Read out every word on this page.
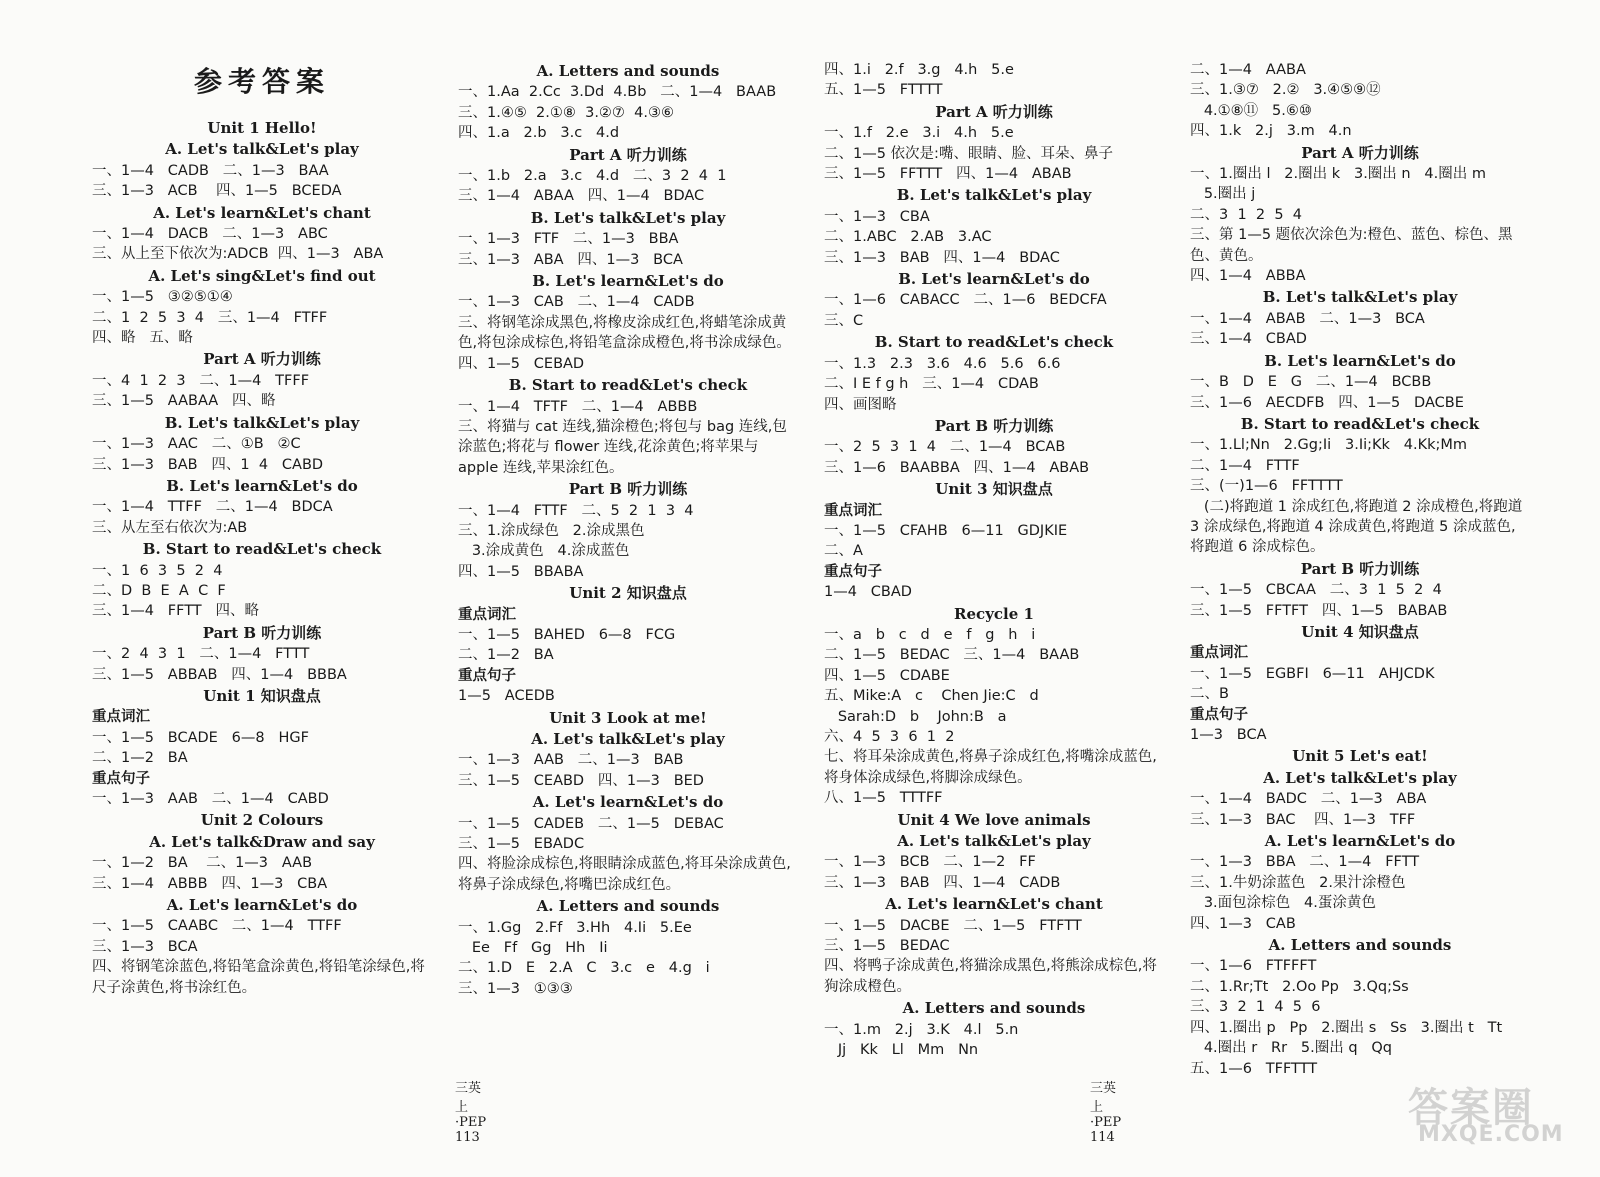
参考答案
Unit 1 Hello!
A. Let's talk&Let's play
一、1—4   CADB   二、1—3   BAA
三、1—3   ACB    四、1—5   BCEDA
A. Let's learn&Let's chant
一、1—4   DACB   二、1—3   ABC
三、从上至下依次为:ADCB  四、1—3   ABA
A. Let's sing&Let's find out
一、1—5   ③②⑤①④
二、1  2  5  3  4   三、1—4   FTFF
四、略   五、略
Part A 听力训练
一、4  1  2  3   二、1—4   TFFF
三、1—5   AABAA   四、略
B. Let's talk&Let's play
一、1—3   AAC   二、①B   ②C
三、1—3   BAB   四、1  4   CABD
B. Let's learn&Let's do
一、1—4   TTFF   二、1—4   BDCA
三、从左至右依次为:AB
B. Start to read&Let's check
一、1  6  3  5  2  4
二、D  B  E  A  C  F
三、1—4   FFTT   四、略
Part B 听力训练
一、2  4  3  1   二、1—4   FTTT
三、1—5   ABBAB   四、1—4   BBBA
Unit 1 知识盘点
重点词汇
一、1—5   BCADE   6—8   HGF
二、1—2   BA
重点句子
一、1—3   AAB   二、1—4   CABD
Unit 2 Colours
A. Let's talk&Draw and say
一、1—2   BA    二、1—3   AAB
三、1—4   ABBB   四、1—3   CBA
A. Let's learn&Let's do
一、1—5   CAABC   二、1—4   TTFF
三、1—3   BCA
四、将钢笔涂蓝色,将铅笔盒涂黄色,将铅笔涂绿色,将尺子涂黄色,将书涂红色。
A. Letters and sounds
一、1.Aa  2.Cc  3.Dd  4.Bb   二、1—4   BAAB
三、1.④⑤  2.①⑧  3.②⑦  4.③⑥
四、1.a   2.b   3.c   4.d
Part A 听力训练
一、1.b   2.a   3.c   4.d   二、3  2  4  1
三、1—4   ABAA   四、1—4   BDAC
B. Let's talk&Let's play
一、1—3   FTF   二、1—3   BBA
三、1—3   ABA   四、1—3   BCA
B. Let's learn&Let's do
一、1—3   CAB   二、1—4   CADB
三、将钢笔涂成黑色,将橡皮涂成红色,将蜡笔涂成黄色,将包涂成棕色,将铅笔盒涂成橙色,将书涂成绿色。
四、1—5   CEBAD
B. Start to read&Let's check
一、1—4   TFTF   二、1—4   ABBB
三、将猫与 cat 连线,猫涂橙色;将包与 bag 连线,包涂蓝色;将花与 flower 连线,花涂黄色;将苹果与 apple 连线,苹果涂红色。
Part B 听力训练
一、1—4   FTTF   二、5  2  1  3  4
三、1.涂成绿色   2.涂成黑色
3.涂成黄色   4.涂成蓝色
四、1—5   BBABA
Unit 2 知识盘点
重点词汇
一、1—5   BAHED   6—8   FCG
二、1—2   BA
重点句子
1—5   ACEDB
Unit 3 Look at me!
A. Let's talk&Let's play
一、1—3   AAB   二、1—3   BAB
三、1—5   CEABD   四、1—3   BED
A. Let's learn&Let's do
一、1—5   CADEB   二、1—5   DEBAC
三、1—5   EBADC
四、将脸涂成棕色,将眼睛涂成蓝色,将耳朵涂成黄色,将鼻子涂成绿色,将嘴巴涂成红色。
A. Letters and sounds
一、1.Gg   2.Ff   3.Hh   4.Ii   5.Ee
Ee   Ff   Gg   Hh   Ii
二、1.D   E   2.A   C   3.c   e   4.g   i
三、1—3   ①③③
四、1.i   2.f   3.g   4.h   5.e
五、1—5   FTTTT
Part A 听力训练
一、1.f   2.e   3.i   4.h   5.e
二、1—5 依次是:嘴、眼睛、脸、耳朵、鼻子
三、1—5   FFTTT   四、1—4   ABAB
B. Let's talk&Let's play
一、1—3   CBA
二、1.ABC   2.AB   3.AC
三、1—3   BAB   四、1—4   BDAC
B. Let's learn&Let's do
一、1—6   CABACC   二、1—6   BEDCFA
三、C
B. Start to read&Let's check
一、1.3   2.3   3.6   4.6   5.6   6.6
二、I E f g h   三、1—4   CDAB
四、画图略
Part B 听力训练
一、2  5  3  1  4   二、1—4   BCAB
三、1—6   BAABBA   四、1—4   ABAB
Unit 3 知识盘点
重点词汇
一、1—5   CFAHB   6—11   GDJKIE
二、A
重点句子
1—4   CBAD
Recycle 1
一、a   b   c   d   e   f   g   h   i
二、1—5   BEDAC   三、1—4   BAAB
四、1—5   CDABE
五、Mike:A   c    Chen Jie:C   d
Sarah:D   b    John:B   a
六、4  5  3  6  1  2
七、将耳朵涂成黄色,将鼻子涂成红色,将嘴涂成蓝色,将身体涂成绿色,将脚涂成绿色。
八、1—5   TTTFF
Unit 4 We love animals
A. Let's talk&Let's play
一、1—3   BCB   二、1—2   FF
三、1—3   BAB   四、1—4   CADB
A. Let's learn&Let's chant
一、1—5   DACBE   二、1—5   FTFTT
三、1—5   BEDAC
四、将鸭子涂成黄色,将猫涂成黑色,将熊涂成棕色,将狗涂成橙色。
A. Letters and sounds
一、1.m   2.j   3.K   4.l   5.n
Jj   Kk   Ll   Mm   Nn
二、1—4   AABA
三、1.③⑦   2.②   3.④⑤⑨⑫
4.①⑧⑪   5.⑥⑩
四、1.k   2.j   3.m   4.n
Part A 听力训练
一、1.圈出 l   2.圈出 k   3.圈出 n   4.圈出 m
5.圈出 j
二、3  1  2  5  4
三、第 1—5 题依次涂色为:橙色、蓝色、棕色、黑色、黄色。
四、1—4   ABBA
B. Let's talk&Let's play
一、1—4   ABAB   二、1—3   BCA
三、1—4   CBAD
B. Let's learn&Let's do
一、B   D   E   G   二、1—4   BCBB
三、1—6   AECDFB   四、1—5   DACBE
B. Start to read&Let's check
一、1.Ll;Nn   2.Gg;Ii   3.Ii;Kk   4.Kk;Mm
二、1—4   FTTF
三、(一)1—6   FFTTTT
(二)将跑道 1 涂成红色,将跑道 2 涂成橙色,将跑道 3 涂成绿色,将跑道 4 涂成黄色,将跑道 5 涂成蓝色,将跑道 6 涂成棕色。
Part B 听力训练
一、1—5   CBCAA   二、3  1  5  2  4
三、1—5   FFTFT   四、1—5   BABAB
Unit 4 知识盘点
重点词汇
一、1—5   EGBFI   6—11   AHJCDK
二、B
重点句子
1—3   BCA
Unit 5 Let's eat!
A. Let's talk&Let's play
一、1—4   BADC   二、1—3   ABA
三、1—3   BAC    四、1—3   TFF
A. Let's learn&Let's do
一、1—3   BBA   二、1—4   FFTT
三、1.牛奶涂蓝色   2.果汁涂橙色
3.面包涂棕色   4.蛋涂黄色
四、1—3   CAB
A. Letters and sounds
一、1—6   FTFFFT
二、1.Rr;Tt   2.Oo Pp   3.Qq;Ss
三、3  2  1  4  5  6
四、1.圈出 p   Pp   2.圈出 s   Ss   3.圈出 t   Tt
4.圈出 r   Rr   5.圈出 q   Qq
五、1—6   TFFTTT
三英上·PEP 113
三英上·PEP 114
答案圈
MXQE.COM
